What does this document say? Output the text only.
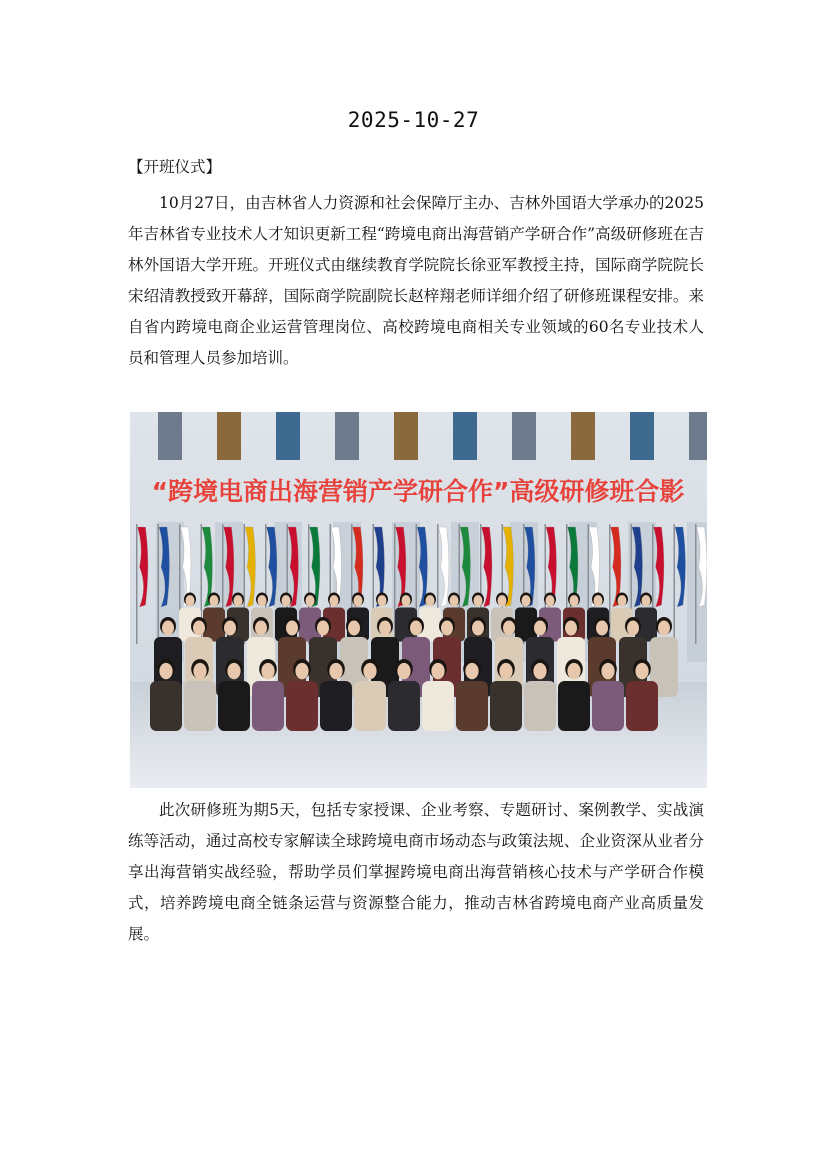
2025-10-27
【开班仪式】

10月27日，由吉林省人力资源和社会保障厅主办、吉林外国语大学承办的2025年吉林省专业技术人才知识更新工程“跨境电商出海营销产学研合作”高级研修班在吉林外国语大学开班。开班仪式由继续教育学院院长徐亚军教授主持，国际商学院院长宋绍清教授致开幕辞，国际商学院副院长赵梓翔老师详细介绍了研修班课程安排。来自省内跨境电商企业运营管理岗位、高校跨境电商相关专业领域的60名专业技术人员和管理人员参加培训。

“跨境电商出海营销产学研合作”高级研修班合影

此次研修班为期5天，包括专家授课、企业考察、专题研讨、案例教学、实战演练等活动，通过高校专家解读全球跨境电商市场动态与政策法规、企业资深从业者分享出海营销实战经验，帮助学员们掌握跨境电商出海营销核心技术与产学研合作模式，培养跨境电商全链条运营与资源整合能力，推动吉林省跨境电商产业高质量发展。
